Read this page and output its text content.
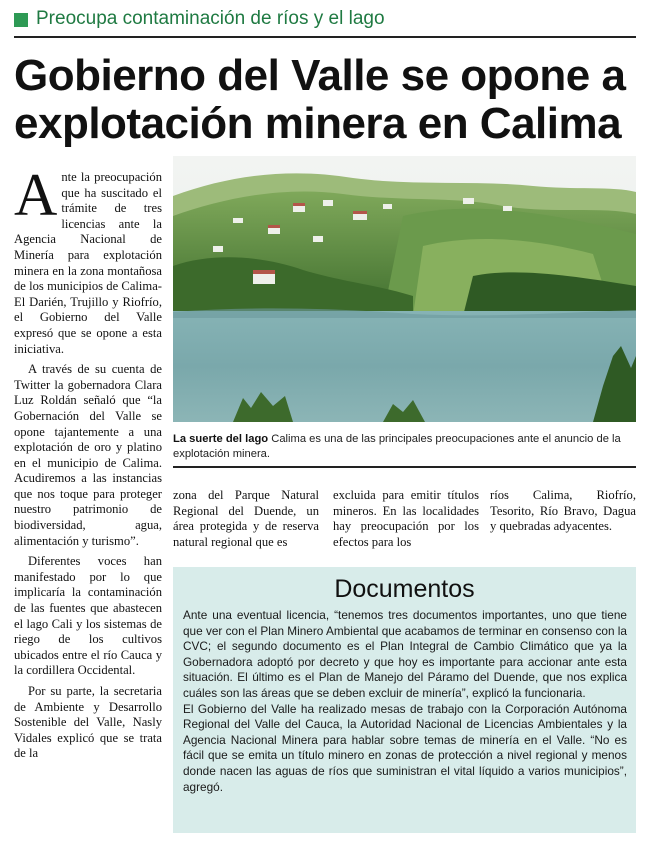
Preocupa contaminación de ríos y el lago
Gobierno del Valle se opone a
explotación minera en Calima

Ante la preocupación que ha suscitado el trámite de tres licencias ante la Agencia Nacional de Minería para explotación minera en la zona montañosa de los municipios de Calima-El Darién, Trujillo y Riofrío, el Gobierno del Valle expresó que se opone a esta iniciativa.

A través de su cuenta de Twitter la gobernadora Clara Luz Roldán señaló que “la Gobernación del Valle se opone tajantemente a una explotación de oro y platino en el municipio de Calima. Acudiremos a las instancias que nos toque para proteger nuestro patrimonio de biodiversidad, agua, alimentación y turismo”.

Diferentes voces han manifestado por lo que implicaría la contaminación de las fuentes que abastecen el lago Cali y los sistemas de riego de los cultivos ubicados entre el río Cauca y la cordillera Occidental.

Por su parte, la secretaria de Ambiente y Desarrollo Sostenible del Valle, Nasly Vidales explicó que se trata de la

La suerte del lago Calima es una de las principales preocupaciones ante el anuncio de la explotación minera.

zona del Parque Natural Regional del Duende, un área protegida y de reserva natural regional que es

excluida para emitir títulos mineros. En las localidades hay preocupación por los efectos para los

ríos Calima, Riofrío, Tesorito, Río Bravo, Dagua y quebradas adyacentes.

Documentos

Ante una eventual licencia, “tenemos tres documentos importantes, uno que tiene que ver con el Plan Minero Ambiental que acabamos de terminar en consenso con la CVC; el segundo documento es el Plan Integral de Cambio Climático que ya la Gobernadora adoptó por decreto y que hoy es importante para accionar ante esta situación. El último es el Plan de Manejo del Páramo del Duende, que nos explica cuáles son las áreas que se deben excluir de minería”, explicó la funcionaria.

El Gobierno del Valle ha realizado mesas de trabajo con la Corporación Autónoma Regional del Valle del Cauca, la Autoridad Nacional de Licencias Ambientales y la Agencia Nacional Minera para hablar sobre temas de minería en el Valle. “No es fácil que se emita un título minero en zonas de protección a nivel regional y menos donde nacen las aguas de ríos que suministran el vital líquido a varios municipios”, agregó.
